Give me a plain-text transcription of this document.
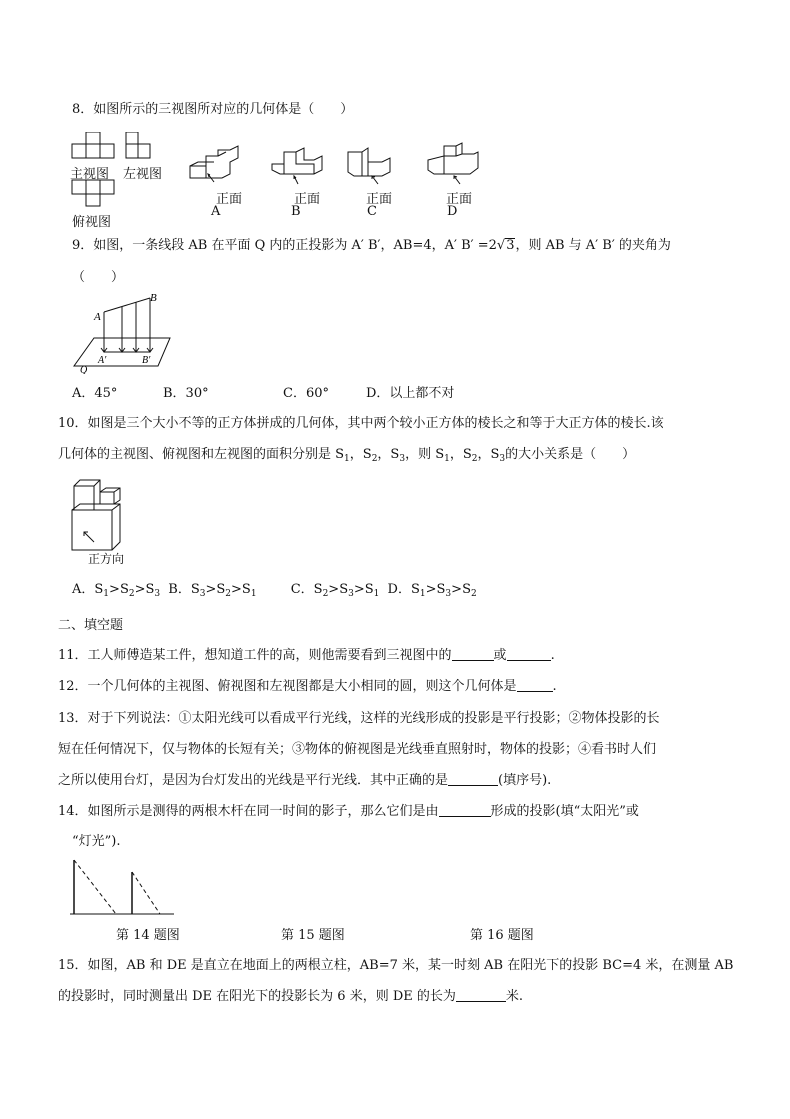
8．如图所示的三视图所对应的几何体是（　　）
主视图 左视图
俯视图
正面	正面	正面	正面
A	B	C	D
9．如图，一条线段 AB 在平面 Q 内的正投影为 A′ B′，AB=4，A′ B′ =2√3，则 AB 与 A′ B′ 的夹角为
（　　）
A
B
A′	B′
Q
A．45°	B．30°	C．60°	D．以上都不对
10．如图是三个大小不等的正方体拼成的几何体，其中两个较小正方体的棱长之和等于大正方体的棱长.该
几何体的主视图、俯视图和左视图的面积分别是 $S_1$，$S_2$，$S_3$，则 $S_1$，$S_2$，$S_3$的大小关系是（　　）
正方向
A．$S_1>S_2>S_3$ B．$S_3>S_2>S_1$	C．$S_2>S_3>S_1$ D．$S_1>S_3>S_2$
二、填空题
11．工人师傅造某工件，想知道工件的高，则他需要看到三视图中的	或	.
12．一个几何体的主视图、俯视图和左视图都是大小相同的圆，则这个几何体是	.
13．对于下列说法：①太阳光线可以看成平行光线，这样的光线形成的投影是平行投影；②物体投影的长
短在任何情况下，仅与物体的长短有关；③物体的俯视图是光线垂直照射时，物体的投影；④看书时人们
之所以使用台灯，是因为台灯发出的光线是平行光线．其中正确的是	(填序号).
14．如图所示是测得的两根木杆在同一时间的影子，那么它们是由	形成的投影(填“太阳光”或
“灯光”).
第 14 题图	第 15 题图	第 16 题图
15．如图，AB 和 DE 是直立在地面上的两根立柱，AB=7 米，某一时刻 AB 在阳光下的投影 BC=4 米，在测量 AB
的投影时，同时测量出 DE 在阳光下的投影长为 6 米，则 DE 的长为	米.
